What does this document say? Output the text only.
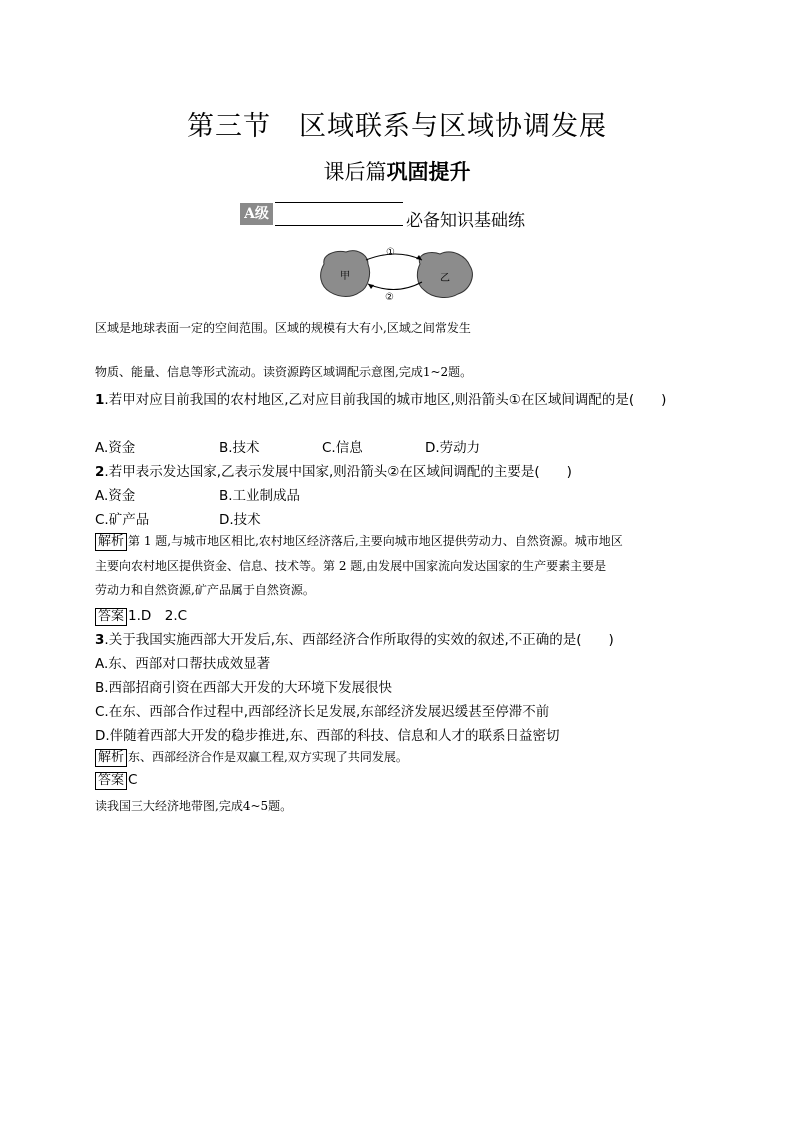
第三节　区域联系与区域协调发展
课后篇巩固提升
A级	必备知识基础练
甲	乙
①
②
区域是地球表面一定的空间范围。区域的规模有大有小,区域之间常发生
物质、能量、信息等形式流动。读资源跨区域调配示意图,完成1~2题。
1.若甲对应目前我国的农村地区,乙对应目前我国的城市地区,则沿箭头①在区域间调配的是(　　)
A.资金	B.技术	C.信息	D.劳动力
2.若甲表示发达国家,乙表示发展中国家,则沿箭头②在区域间调配的主要是(　　)
A.资金	B.工业制成品
C.矿产品	D.技术
解析 第 1 题,与城市地区相比,农村地区经济落后,主要向城市地区提供劳动力、自然资源。城市地区
主要向农村地区提供资金、信息、技术等。第 2 题,由发展中国家流向发达国家的生产要素主要是
劳动力和自然资源,矿产品属于自然资源。
答案 1.D　2.C
3.关于我国实施西部大开发后,东、西部经济合作所取得的实效的叙述,不正确的是(　　)
A.东、西部对口帮扶成效显著
B.西部招商引资在西部大开发的大环境下发展很快
C.在东、西部合作过程中,西部经济长足发展,东部经济发展迟缓甚至停滞不前
D.伴随着西部大开发的稳步推进,东、西部的科技、信息和人才的联系日益密切
解析 东、西部经济合作是双赢工程,双方实现了共同发展。
答案 C
读我国三大经济地带图,完成4~5题。
